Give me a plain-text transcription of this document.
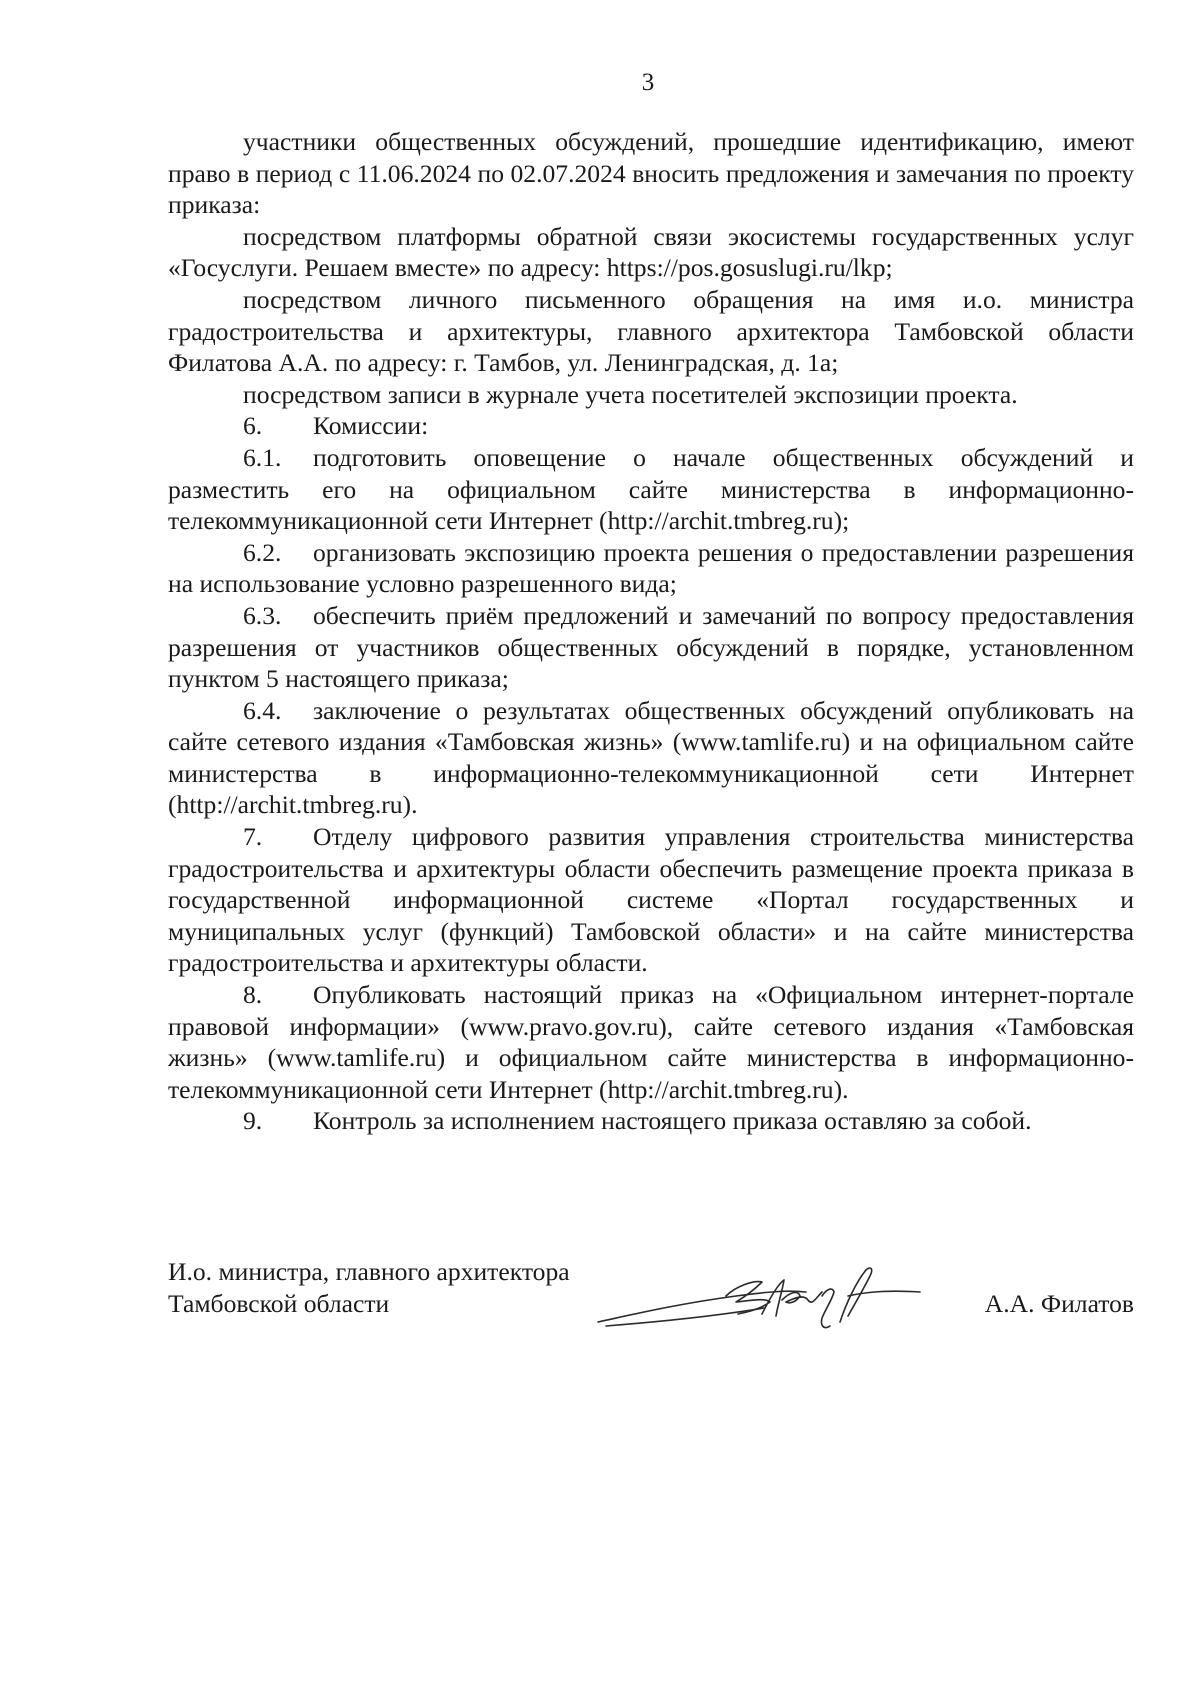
3

участники общественных обсуждений, прошедшие идентификацию, имеют право в период с 11.06.2024 по 02.07.2024 вносить предложения и замечания по проекту приказа:

посредством платформы обратной связи экосистемы государственных услуг «Госуслуги. Решаем вместе» по адресу: https://pos.gosuslugi.ru/lkp;

посредством личного письменного обращения на имя и.о. министра градостроительства и архитектуры, главного архитектора Тамбовской области Филатова А.А. по адресу: г. Тамбов, ул. Ленинградская, д. 1а;

посредством записи в журнале учета посетителей экспозиции проекта.

6. Комиссии:

6.1. подготовить оповещение о начале общественных обсуждений и разместить его на официальном сайте министерства в информационно-телекоммуникационной сети Интернет (http://archit.tmbreg.ru);

6.2. организовать экспозицию проекта решения о предоставлении разрешения на использование условно разрешенного вида;

6.3. обеспечить приём предложений и замечаний по вопросу предоставления разрешения от участников общественных обсуждений в порядке, установленном пунктом 5 настоящего приказа;

6.4. заключение о результатах общественных обсуждений опубликовать на сайте сетевого издания «Тамбовская жизнь» (www.tamlife.ru) и на официальном сайте министерства в информационно-телекоммуникационной сети Интернет (http://archit.tmbreg.ru).

7. Отделу цифрового развития управления строительства министерства градостроительства и архитектуры области обеспечить размещение проекта приказа в государственной информационной системе «Портал государственных и муниципальных услуг (функций) Тамбовской области» и на сайте министерства градостроительства и архитектуры области.

8. Опубликовать настоящий приказ на «Официальном интернет-портале правовой информации» (www.pravo.gov.ru), сайте сетевого издания «Тамбовская жизнь» (www.tamlife.ru) и официальном сайте министерства в информационно-телекоммуникационной сети Интернет (http://archit.tmbreg.ru).

9. Контроль за исполнением настоящего приказа оставляю за собой.

И.о. министра, главного архитектора
Тамбовской области	А.А. Филатов
